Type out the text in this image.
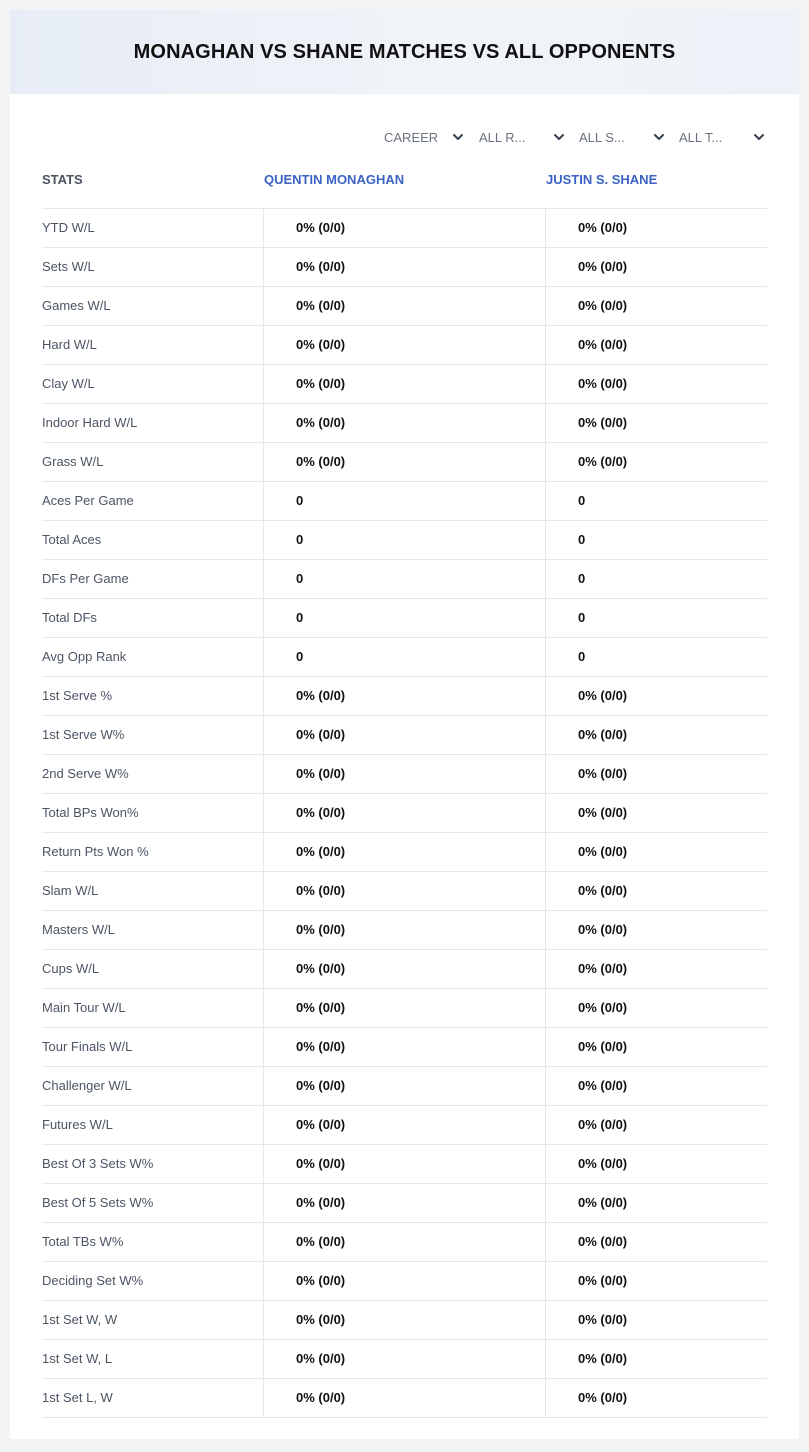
MONAGHAN VS SHANE MATCHES VS ALL OPPONENTS
CAREER	ALL R...	ALL S...	ALL T...
STATS	QUENTIN MONAGHAN	JUSTIN S. SHANE
YTD W/L	0% (0/0)	0% (0/0)
Sets W/L	0% (0/0)	0% (0/0)
Games W/L	0% (0/0)	0% (0/0)
Hard W/L	0% (0/0)	0% (0/0)
Clay W/L	0% (0/0)	0% (0/0)
Indoor Hard W/L	0% (0/0)	0% (0/0)
Grass W/L	0% (0/0)	0% (0/0)
Aces Per Game	0	0
Total Aces	0	0
DFs Per Game	0	0
Total DFs	0	0
Avg Opp Rank	0	0
1st Serve %	0% (0/0)	0% (0/0)
1st Serve W%	0% (0/0)	0% (0/0)
2nd Serve W%	0% (0/0)	0% (0/0)
Total BPs Won%	0% (0/0)	0% (0/0)
Return Pts Won %	0% (0/0)	0% (0/0)
Slam W/L	0% (0/0)	0% (0/0)
Masters W/L	0% (0/0)	0% (0/0)
Cups W/L	0% (0/0)	0% (0/0)
Main Tour W/L	0% (0/0)	0% (0/0)
Tour Finals W/L	0% (0/0)	0% (0/0)
Challenger W/L	0% (0/0)	0% (0/0)
Futures W/L	0% (0/0)	0% (0/0)
Best Of 3 Sets W%	0% (0/0)	0% (0/0)
Best Of 5 Sets W%	0% (0/0)	0% (0/0)
Total TBs W%	0% (0/0)	0% (0/0)
Deciding Set W%	0% (0/0)	0% (0/0)
1st Set W, W	0% (0/0)	0% (0/0)
1st Set W, L	0% (0/0)	0% (0/0)
1st Set L, W	0% (0/0)	0% (0/0)
